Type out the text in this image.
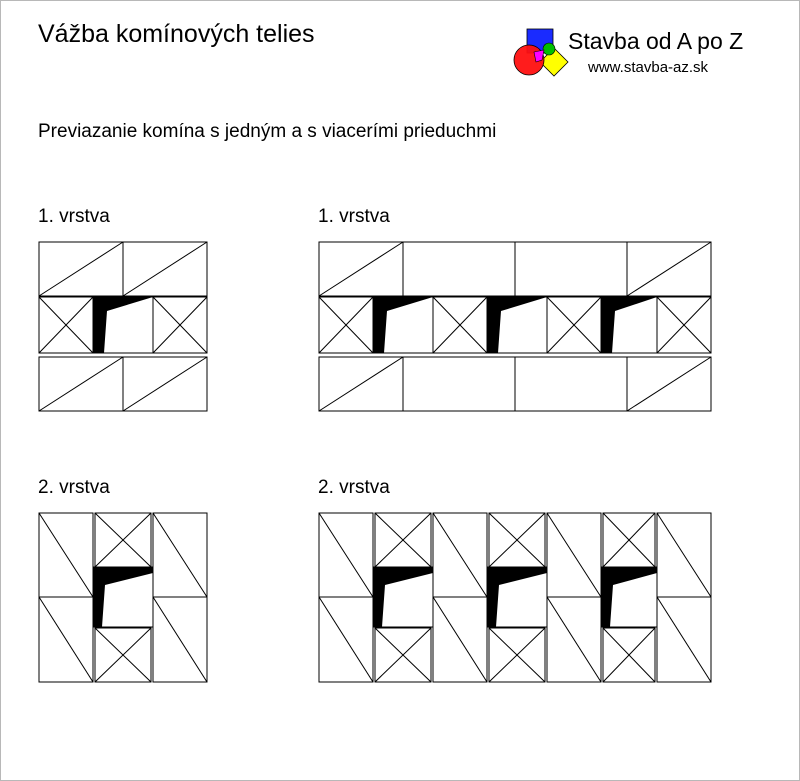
Vážba komínových telies	Stavba od A po Z
www.stavba-az.sk
Previazanie komína s jedným a s viacerími prieduchmi
1. vrstva	1. vrstva
2. vrstva	2. vrstva
